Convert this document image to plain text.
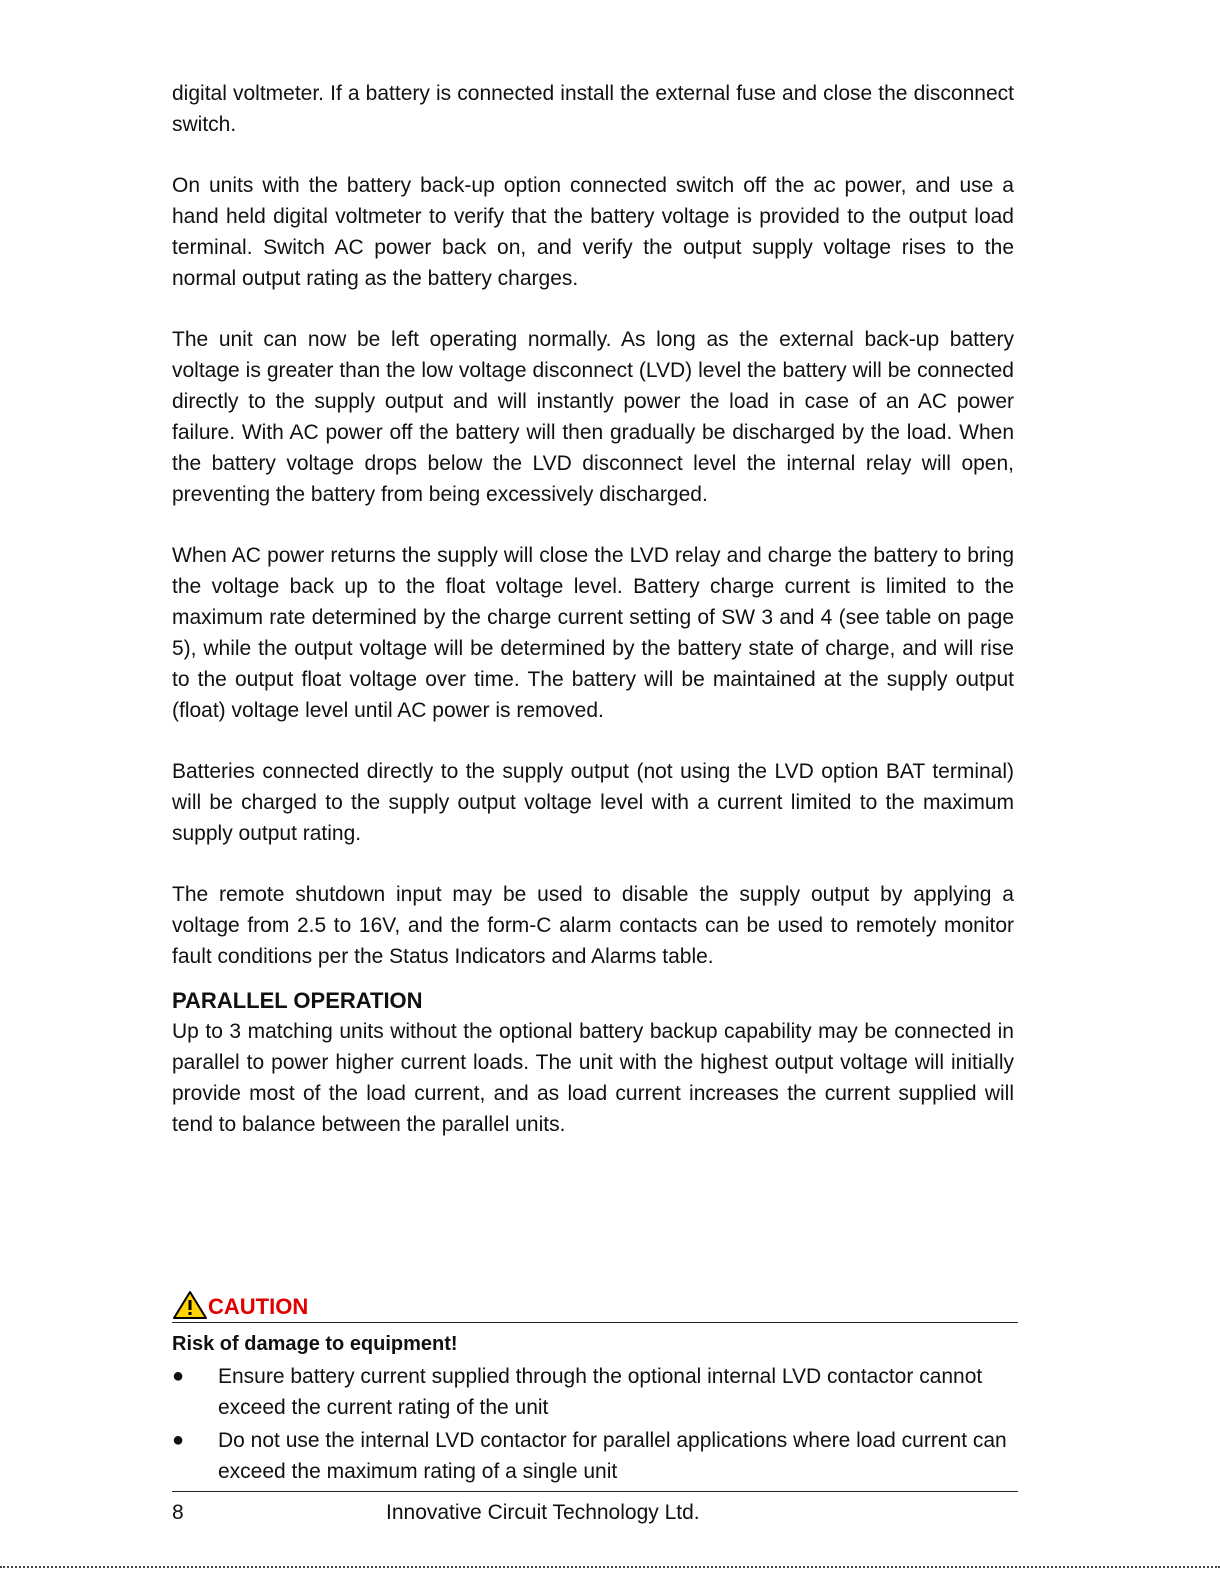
digital voltmeter. If a battery is connected install the external fuse and close the disconnect switch.

On units with the battery back-up option connected switch off the ac power, and use a hand held digital voltmeter to verify that the battery voltage is provided to the output load terminal. Switch AC power back on, and verify the output supply voltage rises to the normal output rating as the battery charges.

The unit can now be left operating normally. As long as the external back-up battery voltage is greater than the low voltage disconnect (LVD) level the battery will be connected directly to the supply output and will instantly power the load in case of an AC power failure. With AC power off the battery will then gradually be discharged by the load. When the battery voltage drops below the LVD disconnect level the internal relay will open, preventing the battery from being excessively discharged.

When AC power returns the supply will close the LVD relay and charge the battery to bring the voltage back up to the float voltage level. Battery charge current is limited to the maximum rate determined by the charge current setting of SW 3 and 4 (see table on page 5), while the output voltage will be determined by the battery state of charge, and will rise to the output float voltage over time. The battery will be maintained at the supply output (float) voltage level until AC power is removed.

Batteries connected directly to the supply output (not using the LVD option BAT terminal) will be charged to the supply output voltage level with a current limited to the maximum supply output rating.

The remote shutdown input may be used to disable the supply output by applying a voltage from 2.5 to 16V, and the form-C alarm contacts can be used to remotely monitor fault conditions per the Status Indicators and Alarms table.

PARALLEL OPERATION

Up to 3 matching units without the optional battery backup capability may be connected in parallel to power higher current loads. The unit with the highest output voltage will initially provide most of the load current, and as load current increases the current supplied will tend to balance between the parallel units.

CAUTION
Risk of damage to equipment!
●	Ensure battery current supplied through the optional internal LVD contactor cannot exceed the current rating of the unit
●	Do not use the internal LVD contactor for parallel applications where load current can exceed the maximum rating of a single unit
8	Innovative Circuit Technology Ltd.
